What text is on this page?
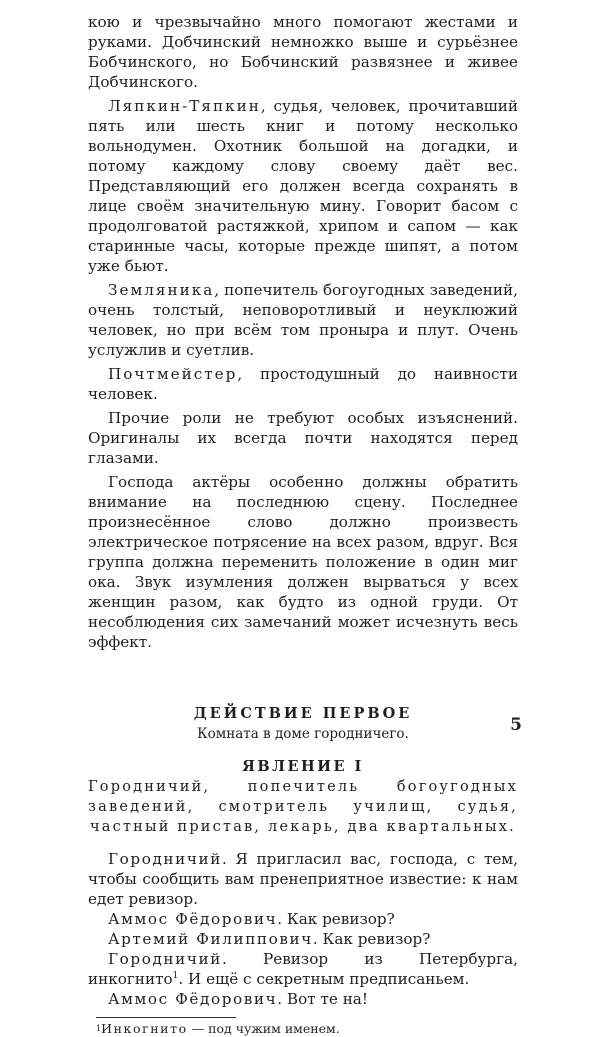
кою и чрезвычайно много помогают жестами и руками. Добчинский немножко выше и сурьёзнее Бобчинского, но Бобчинский развязнее и живее Добчинского.

Ляпкин-Тяпкин, судья, человек, прочитавший пять или шесть книг и потому несколько вольнодумен. Охотник большой на догадки, и потому каждому слову своему даёт вес. Представляющий его должен всегда сохранять в лице своём значительную мину. Говорит басом с продолговатой растяжкой, хрипом и сапом — как старинные часы, которые прежде шипят, а потом уже бьют.

Земляника, попечитель богоугодных заведений, очень толстый, неповоротливый и неуклюжий человек, но при всём том проныра и плут. Очень услужлив и суетлив.

Почтмейстер, простодушный до наивности человек.

Прочие роли не требуют особых изъяснений. Оригиналы их всегда почти находятся перед глазами.

Господа актёры особенно должны обратить внимание на последнюю сцену. Последнее произнесённое слово должно произвесть электрическое потрясение на всех разом, вдруг. Вся группа должна переменить положение в один миг ока. Звук изумления должен вырваться у всех женщин разом, как будто из одной груди. От несоблюдения сих замечаний может исчезнуть весь эффект.

ДЕЙСТВИЕ ПЕРВОЕ
Комната в доме городничего.
ЯВЛЕНИЕ I
Городничий, попечитель богоугодных заведений, смотритель училищ, судья, частный пристав, лекарь, два квартальных.

Городничий. Я пригласил вас, господа, с тем, чтобы сообщить вам пренеприятное известие: к нам едет ревизор.

Аммос Фёдорович. Как ревизор?

Артемий Филиппович. Как ревизор?

Городничий. Ревизор из Петербурга, инкогнито$^1$. И ещё с секретным предписаньем.

Аммос Фёдорович. Вот те на!

$^1$Инкогнито — под чужим именем.
5
